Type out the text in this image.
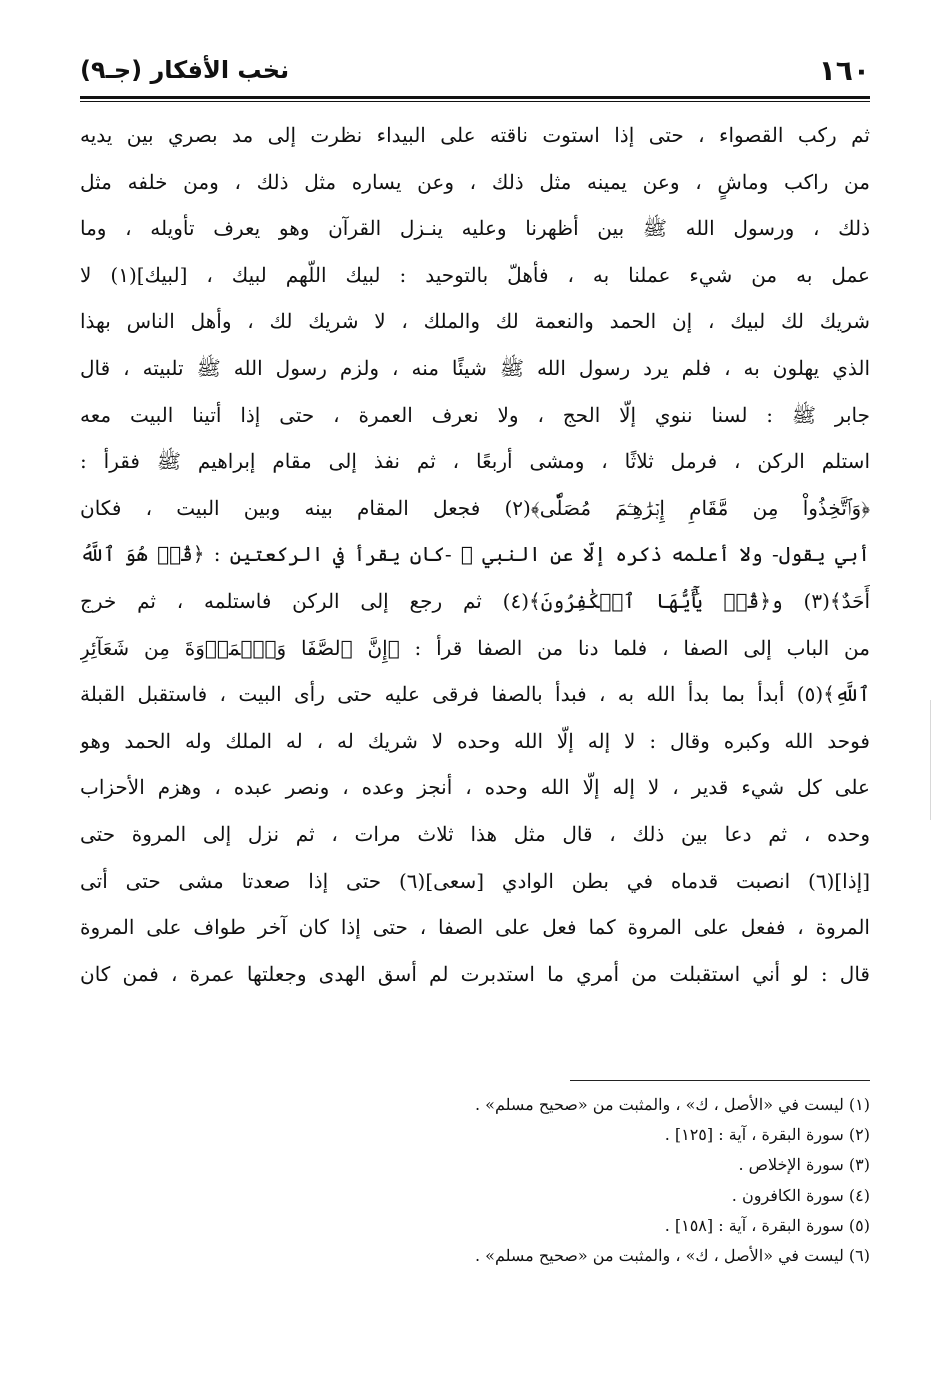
١٦٠
نخب الأفكار (جـ٩)
ثم ركب القصواء ، حتى إذا استوت ناقته على البيداء نظرت إلى مد بصري بين يديه
من راكب وماشٍ ، وعن يمينه مثل ذلك ، وعن يساره مثل ذلك ، ومن خلفه مثل
ذلك ، ورسول الله ﷺ بين أظهرنا وعليه ينـزل القرآن وهو يعرف تأويله ، وما
عمل به من شيء عملنا به ، فأهلّ بالتوحيد : لبيك اللّهم لبيك ، [لبيك](١) لا
شريك لك لبيك ، إن الحمد والنعمة لك والملك ، لا شريك لك ، وأهل الناس بهذا
الذي يهلون به ، فلم يرد رسول الله ﷺ شيئًا منه ، ولزم رسول الله ﷺ تلبيته ، قال
جابر ﷺ : لسنا ننوي إلّا الحج ، ولا نعرف العمرة ، حتى إذا أتينا البيت معه
استلم الركن ، فرمل ثلاثًا ، ومشى أربعًا ، ثم نفذ إلى مقام إبراهيم ﷺ فقرأ :
﴿وَٱتَّخِذُواْ مِن مَّقَامِ إِبۡرَٰهِـۧمَ مُصَلّٗى﴾(٢) فجعل المقام بينه وبين البيت ، فكان
أبي يقول- ولا أعلمه ذكره إلّا عن النبي ﷺ -كان يقرأ في الركعتين : ﴿قُلۡ هُوَ ٱللَّهُ
أَحَدٌ﴾(٣) و﴿قُلۡ يَٰٓأَيُّهَا ٱلۡكَٰفِرُونَ﴾(٤) ثم رجع إلى الركن فاستلمه ، ثم خرج
من الباب إلى الصفا ، فلما دنا من الصفا قرأ : ﴿إِنَّ ٱلصَّفَا وَٱلۡمَرۡوَةَ مِن شَعَآئِرِ
ٱللَّهِ﴾(٥) أبدأ بما بدأ الله به ، فبدأ بالصفا فرقى عليه حتى رأى البيت ، فاستقبل القبلة
فوحد الله وكبره وقال : لا إله إلّا الله وحده لا شريك له ، له الملك وله الحمد وهو
على كل شيء قدير ، لا إله إلّا الله وحده ، أنجز وعده ، ونصر عبده ، وهزم الأحزاب
وحده ، ثم دعا بين ذلك ، قال مثل هذا ثلاث مرات ، ثم نزل إلى المروة حتى
[إذا](٦) انصبت قدماه في بطن الوادي [سعى](٦) حتى إذا صعدتا مشى حتى أتى
المروة ، ففعل على المروة كما فعل على الصفا ، حتى إذا كان آخر طواف على المروة
قال : لو أني استقبلت من أمري ما استدبرت لم أسق الهدى وجعلتها عمرة ، فمن كان
(١) ليست في «الأصل ، ك» ، والمثبت من «صحيح مسلم» .
(٢) سورة البقرة ، آية : [١٢٥] .
(٣) سورة الإخلاص .
(٤) سورة الكافرون .
(٥) سورة البقرة ، آية : [١٥٨] .
(٦) ليست في «الأصل ، ك» ، والمثبت من «صحيح مسلم» .
